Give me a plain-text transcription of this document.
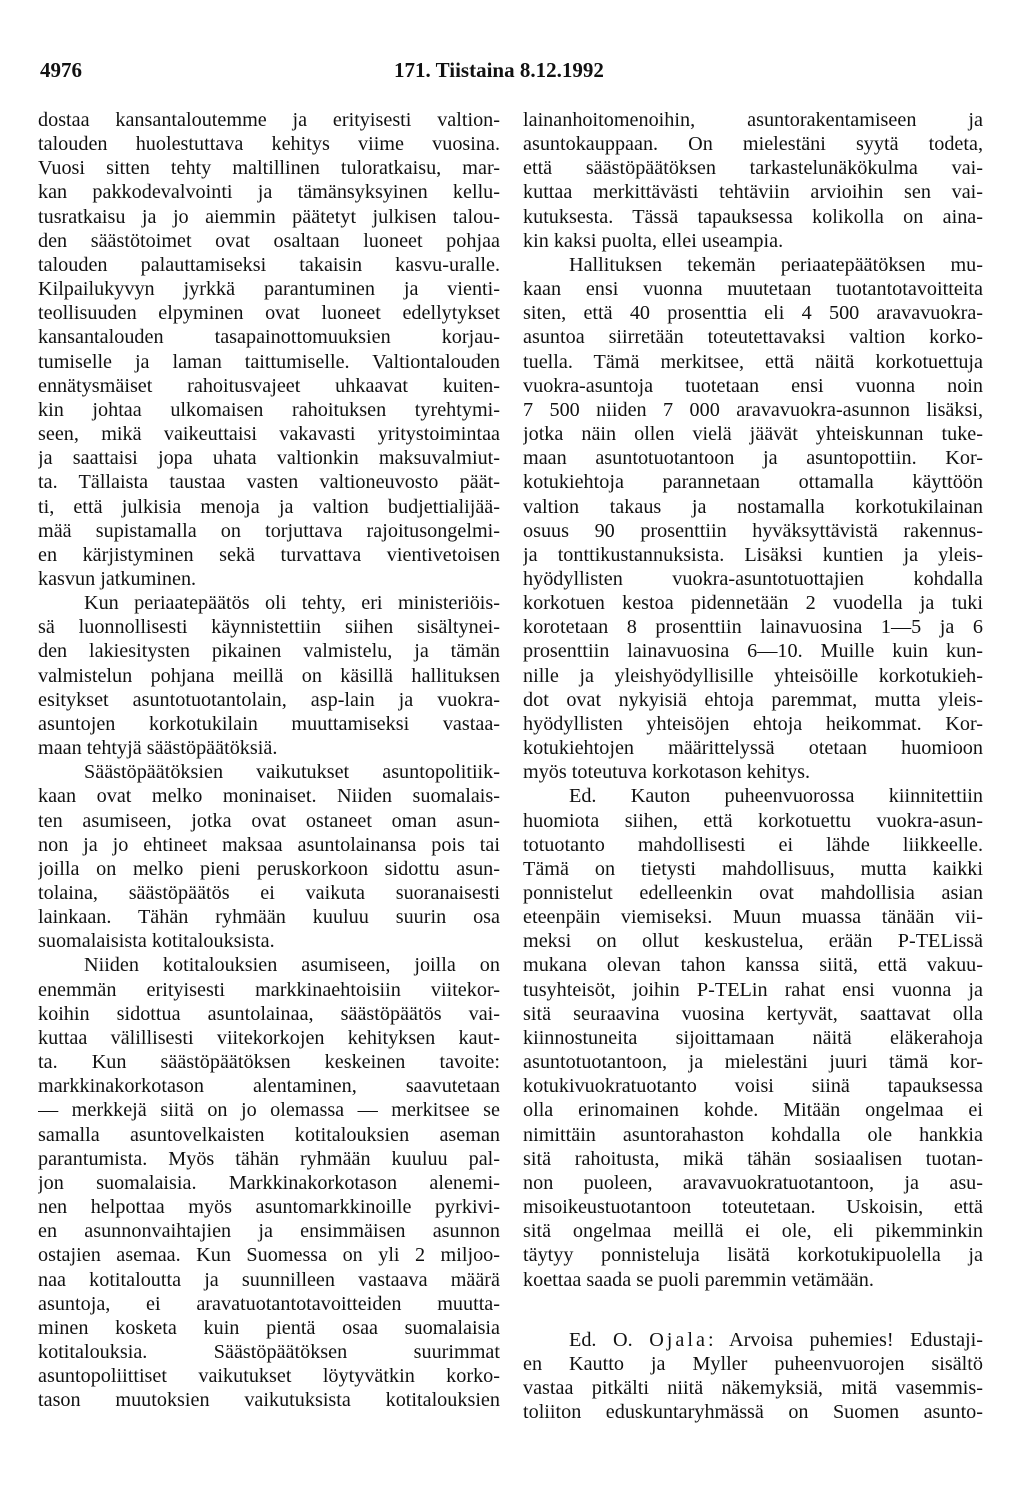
4976	171. Tiistaina 8.12.1992
dostaa kansantaloutemme ja erityisesti valtion-
talouden huolestuttava kehitys viime vuosina.
Vuosi sitten tehty maltillinen tuloratkaisu, mar-
kan pakkodevalvointi ja tämänsyksyinen kellu-
tusratkaisu ja jo aiemmin päätetyt julkisen talou-
den säästötoimet ovat osaltaan luoneet pohjaa
talouden palauttamiseksi takaisin kasvu-uralle.
Kilpailukyvyn jyrkkä parantuminen ja vienti-
teollisuuden elpyminen ovat luoneet edellytykset
kansantalouden tasapainottomuuksien korjau-
tumiselle ja laman taittumiselle. Valtiontalouden
ennätysmäiset rahoitusvajeet uhkaavat kuiten-
kin johtaa ulkomaisen rahoituksen tyrehtymi-
seen, mikä vaikeuttaisi vakavasti yritystoimintaa
ja saattaisi jopa uhata valtionkin maksuvalmiut-
ta. Tällaista taustaa vasten valtioneuvosto päät-
ti, että julkisia menoja ja valtion budjettialijää-
mää supistamalla on torjuttava rajoitusongelmi-
en kärjistyminen sekä turvattava vientivetoisen
kasvun jatkuminen.
Kun periaatepäätös oli tehty, eri ministeriöis-
sä luonnollisesti käynnistettiin siihen sisältynei-
den lakiesitysten pikainen valmistelu, ja tämän
valmistelun pohjana meillä on käsillä hallituksen
esitykset asuntotuotantolain, asp-lain ja vuokra-
asuntojen korkotukilain muuttamiseksi vastaa-
maan tehtyjä säästöpäätöksiä.
Säästöpäätöksien vaikutukset asuntopolitiik-
kaan ovat melko moninaiset. Niiden suomalais-
ten asumiseen, jotka ovat ostaneet oman asun-
non ja jo ehtineet maksaa asuntolainansa pois tai
joilla on melko pieni peruskorkoon sidottu asun-
tolaina, säästöpäätös ei vaikuta suoranaisesti
lainkaan. Tähän ryhmään kuuluu suurin osa
suomalaisista kotitalouksista.
Niiden kotitalouksien asumiseen, joilla on
enemmän erityisesti markkinaehtoisiin viitekor-
koihin sidottua asuntolainaa, säästöpäätös vai-
kuttaa välillisesti viitekorkojen kehityksen kaut-
ta. Kun säästöpäätöksen keskeinen tavoite:
markkinakorkotason alentaminen, saavutetaan
— merkkejä siitä on jo olemassa — merkitsee se
samalla asuntovelkaisten kotitalouksien aseman
parantumista. Myös tähän ryhmään kuuluu pal-
jon suomalaisia. Markkinakorkotason alenemi-
nen helpottaa myös asuntomarkkinoille pyrkivi-
en asunnonvaihtajien ja ensimmäisen asunnon
ostajien asemaa. Kun Suomessa on yli 2 miljoo-
naa kotitaloutta ja suunnilleen vastaava määrä
asuntoja, ei aravatuotantotavoitteiden muutta-
minen kosketa kuin pientä osaa suomalaisia
kotitalouksia. Säästöpäätöksen suurimmat
asuntopoliittiset vaikutukset löytyvätkin korko-
tason muutoksien vaikutuksista kotitalouksien
lainanhoitomenoihin, asuntorakentamiseen ja
asuntokauppaan. On mielestäni syytä todeta,
että säästöpäätöksen tarkastelunäkökulma vai-
kuttaa merkittävästi tehtäviin arvioihin sen vai-
kutuksesta. Tässä tapauksessa kolikolla on aina-
kin kaksi puolta, ellei useampia.
Hallituksen tekemän periaatepäätöksen mu-
kaan ensi vuonna muutetaan tuotantotavoitteita
siten, että 40 prosenttia eli 4 500 aravavuokra-
asuntoa siirretään toteutettavaksi valtion korko-
tuella. Tämä merkitsee, että näitä korkotuettuja
vuokra-asuntoja tuotetaan ensi vuonna noin
7 500 niiden 7 000 aravavuokra-asunnon lisäksi,
jotka näin ollen vielä jäävät yhteiskunnan tuke-
maan asuntotuotantoon ja asuntopottiin. Kor-
kotukiehtoja parannetaan ottamalla käyttöön
valtion takaus ja nostamalla korkotukilainan
osuus 90 prosenttiin hyväksyttävistä rakennus-
ja tonttikustannuksista. Lisäksi kuntien ja yleis-
hyödyllisten vuokra-asuntotuottajien kohdalla
korkotuen kestoa pidennetään 2 vuodella ja tuki
korotetaan 8 prosenttiin lainavuosina 1—5 ja 6
prosenttiin lainavuosina 6—10. Muille kuin kun-
nille ja yleishyödyllisille yhteisöille korkotukieh-
dot ovat nykyisiä ehtoja paremmat, mutta yleis-
hyödyllisten yhteisöjen ehtoja heikommat. Kor-
kotukiehtojen määrittelyssä otetaan huomioon
myös toteutuva korkotason kehitys.
Ed. Kauton puheenvuorossa kiinnitettiin
huomiota siihen, että korkotuettu vuokra-asun-
totuotanto mahdollisesti ei lähde liikkeelle.
Tämä on tietysti mahdollisuus, mutta kaikki
ponnistelut edelleenkin ovat mahdollisia asian
eteenpäin viemiseksi. Muun muassa tänään vii-
meksi on ollut keskustelua, erään P-TELissä
mukana olevan tahon kanssa siitä, että vakuu-
tusyhteisöt, joihin P-TELin rahat ensi vuonna ja
sitä seuraavina vuosina kertyvät, saattavat olla
kiinnostuneita sijoittamaan näitä eläkerahoja
asuntotuotantoon, ja mielestäni juuri tämä kor-
kotukivuokratuotanto voisi siinä tapauksessa
olla erinomainen kohde. Mitään ongelmaa ei
nimittäin asuntorahaston kohdalla ole hankkia
sitä rahoitusta, mikä tähän sosiaalisen tuotan-
non puoleen, aravavuokratuotantoon, ja asu-
misoikeustuotantoon toteutetaan. Uskoisin, että
sitä ongelmaa meillä ei ole, eli pikemminkin
täytyy ponnisteluja lisätä korkotukipuolella ja
koettaa saada se puoli paremmin vetämään.
Ed. O. Ojala: Arvoisa puhemies! Edustaji-
en Kautto ja Myller puheenvuorojen sisältö
vastaa pitkälti niitä näkemyksiä, mitä vasemmis-
toliiton eduskuntaryhmässä on Suomen asunto-
